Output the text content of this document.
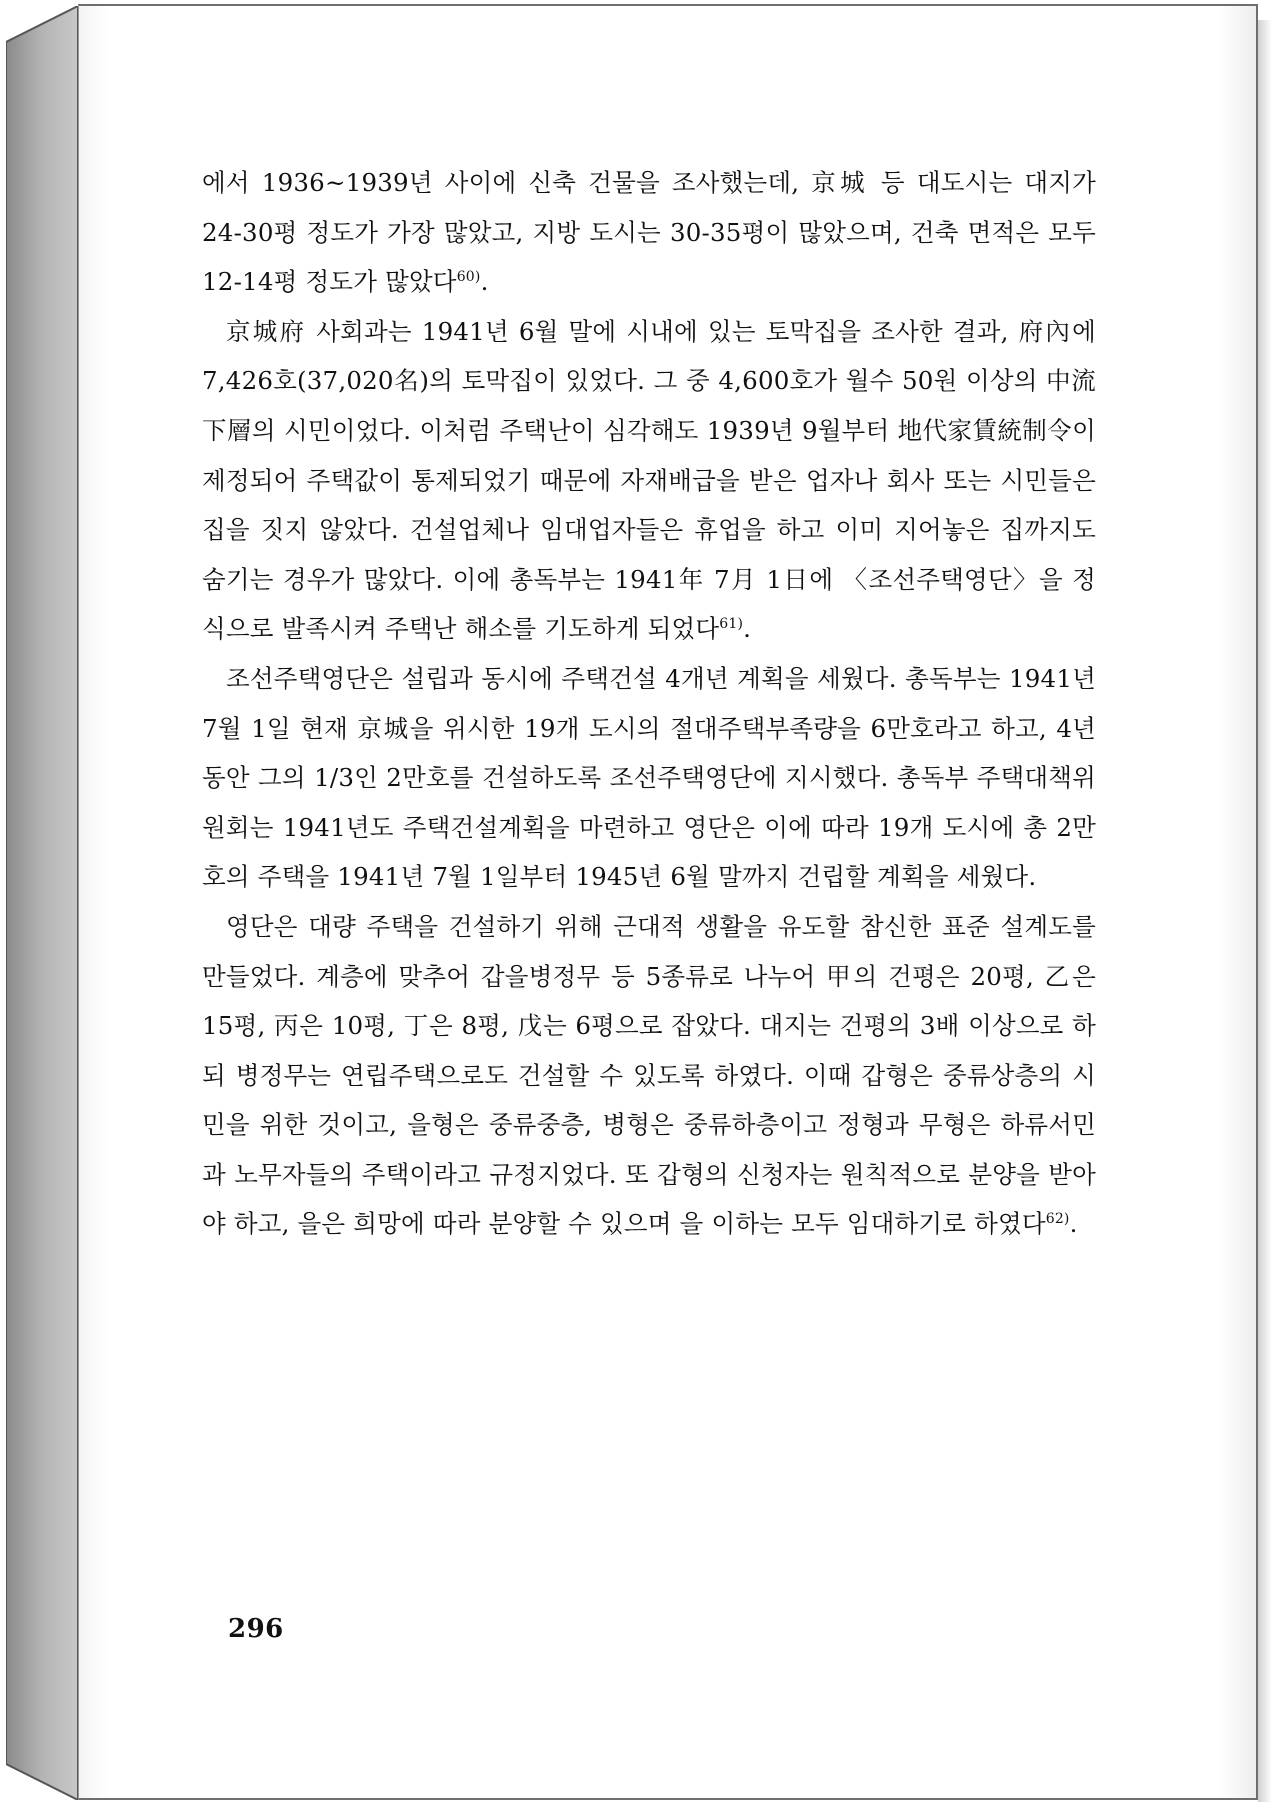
에서 1936~1939년 사이에 신축 건물을 조사했는데, 京城 등 대도시는 대지가 24-30평 정도가 가장 많았고, 지방 도시는 30-35평이 많았으며, 건축 면적은 모두 12-14평 정도가 많았다$^{60)}$.

京城府 사회과는 1941년 6월 말에 시내에 있는 토막집을 조사한 결과, 府內에 7,426호(37,020名)의 토막집이 있었다. 그 중 4,600호가 월수 50원 이상의 中流下層의 시민이었다. 이처럼 주택난이 심각해도 1939년 9월부터 地代家賃統制令이 제정되어 주택값이 통제되었기 때문에 자재배급을 받은 업자나 회사 또는 시민들은 집을 짓지 않았다. 건설업체나 임대업자들은 휴업을 하고 이미 지어놓은 집까지도 숨기는 경우가 많았다. 이에 총독부는 1941年 7月 1日에 〈조선주택영단〉을 정식으로 발족시켜 주택난 해소를 기도하게 되었다$^{61)}$.

조선주택영단은 설립과 동시에 주택건설 4개년 계획을 세웠다. 총독부는 1941년 7월 1일 현재 京城을 위시한 19개 도시의 절대주택부족량을 6만호라고 하고, 4년 동안 그의 1/3인 2만호를 건설하도록 조선주택영단에 지시했다. 총독부 주택대책위원회는 1941년도 주택건설계획을 마련하고 영단은 이에 따라 19개 도시에 총 2만 호의 주택을 1941년 7월 1일부터 1945년 6월 말까지 건립할 계획을 세웠다.

영단은 대량 주택을 건설하기 위해 근대적 생활을 유도할 참신한 표준 설계도를 만들었다. 계층에 맞추어 갑을병정무 등 5종류로 나누어 甲의 건평은 20평, 乙은 15평, 丙은 10평, 丁은 8평, 戊는 6평으로 잡았다. 대지는 건평의 3배 이상으로 하되 병정무는 연립주택으로도 건설할 수 있도록 하였다. 이때 갑형은 중류상층의 시민을 위한 것이고, 을형은 중류중층, 병형은 중류하층이고 정형과 무형은 하류서민과 노무자들의 주택이라고 규정지었다. 또 갑형의 신청자는 원칙적으로 분양을 받아야 하고, 을은 희망에 따라 분양할 수 있으며 을 이하는 모두 임대하기로 하였다$^{62)}$.

296
